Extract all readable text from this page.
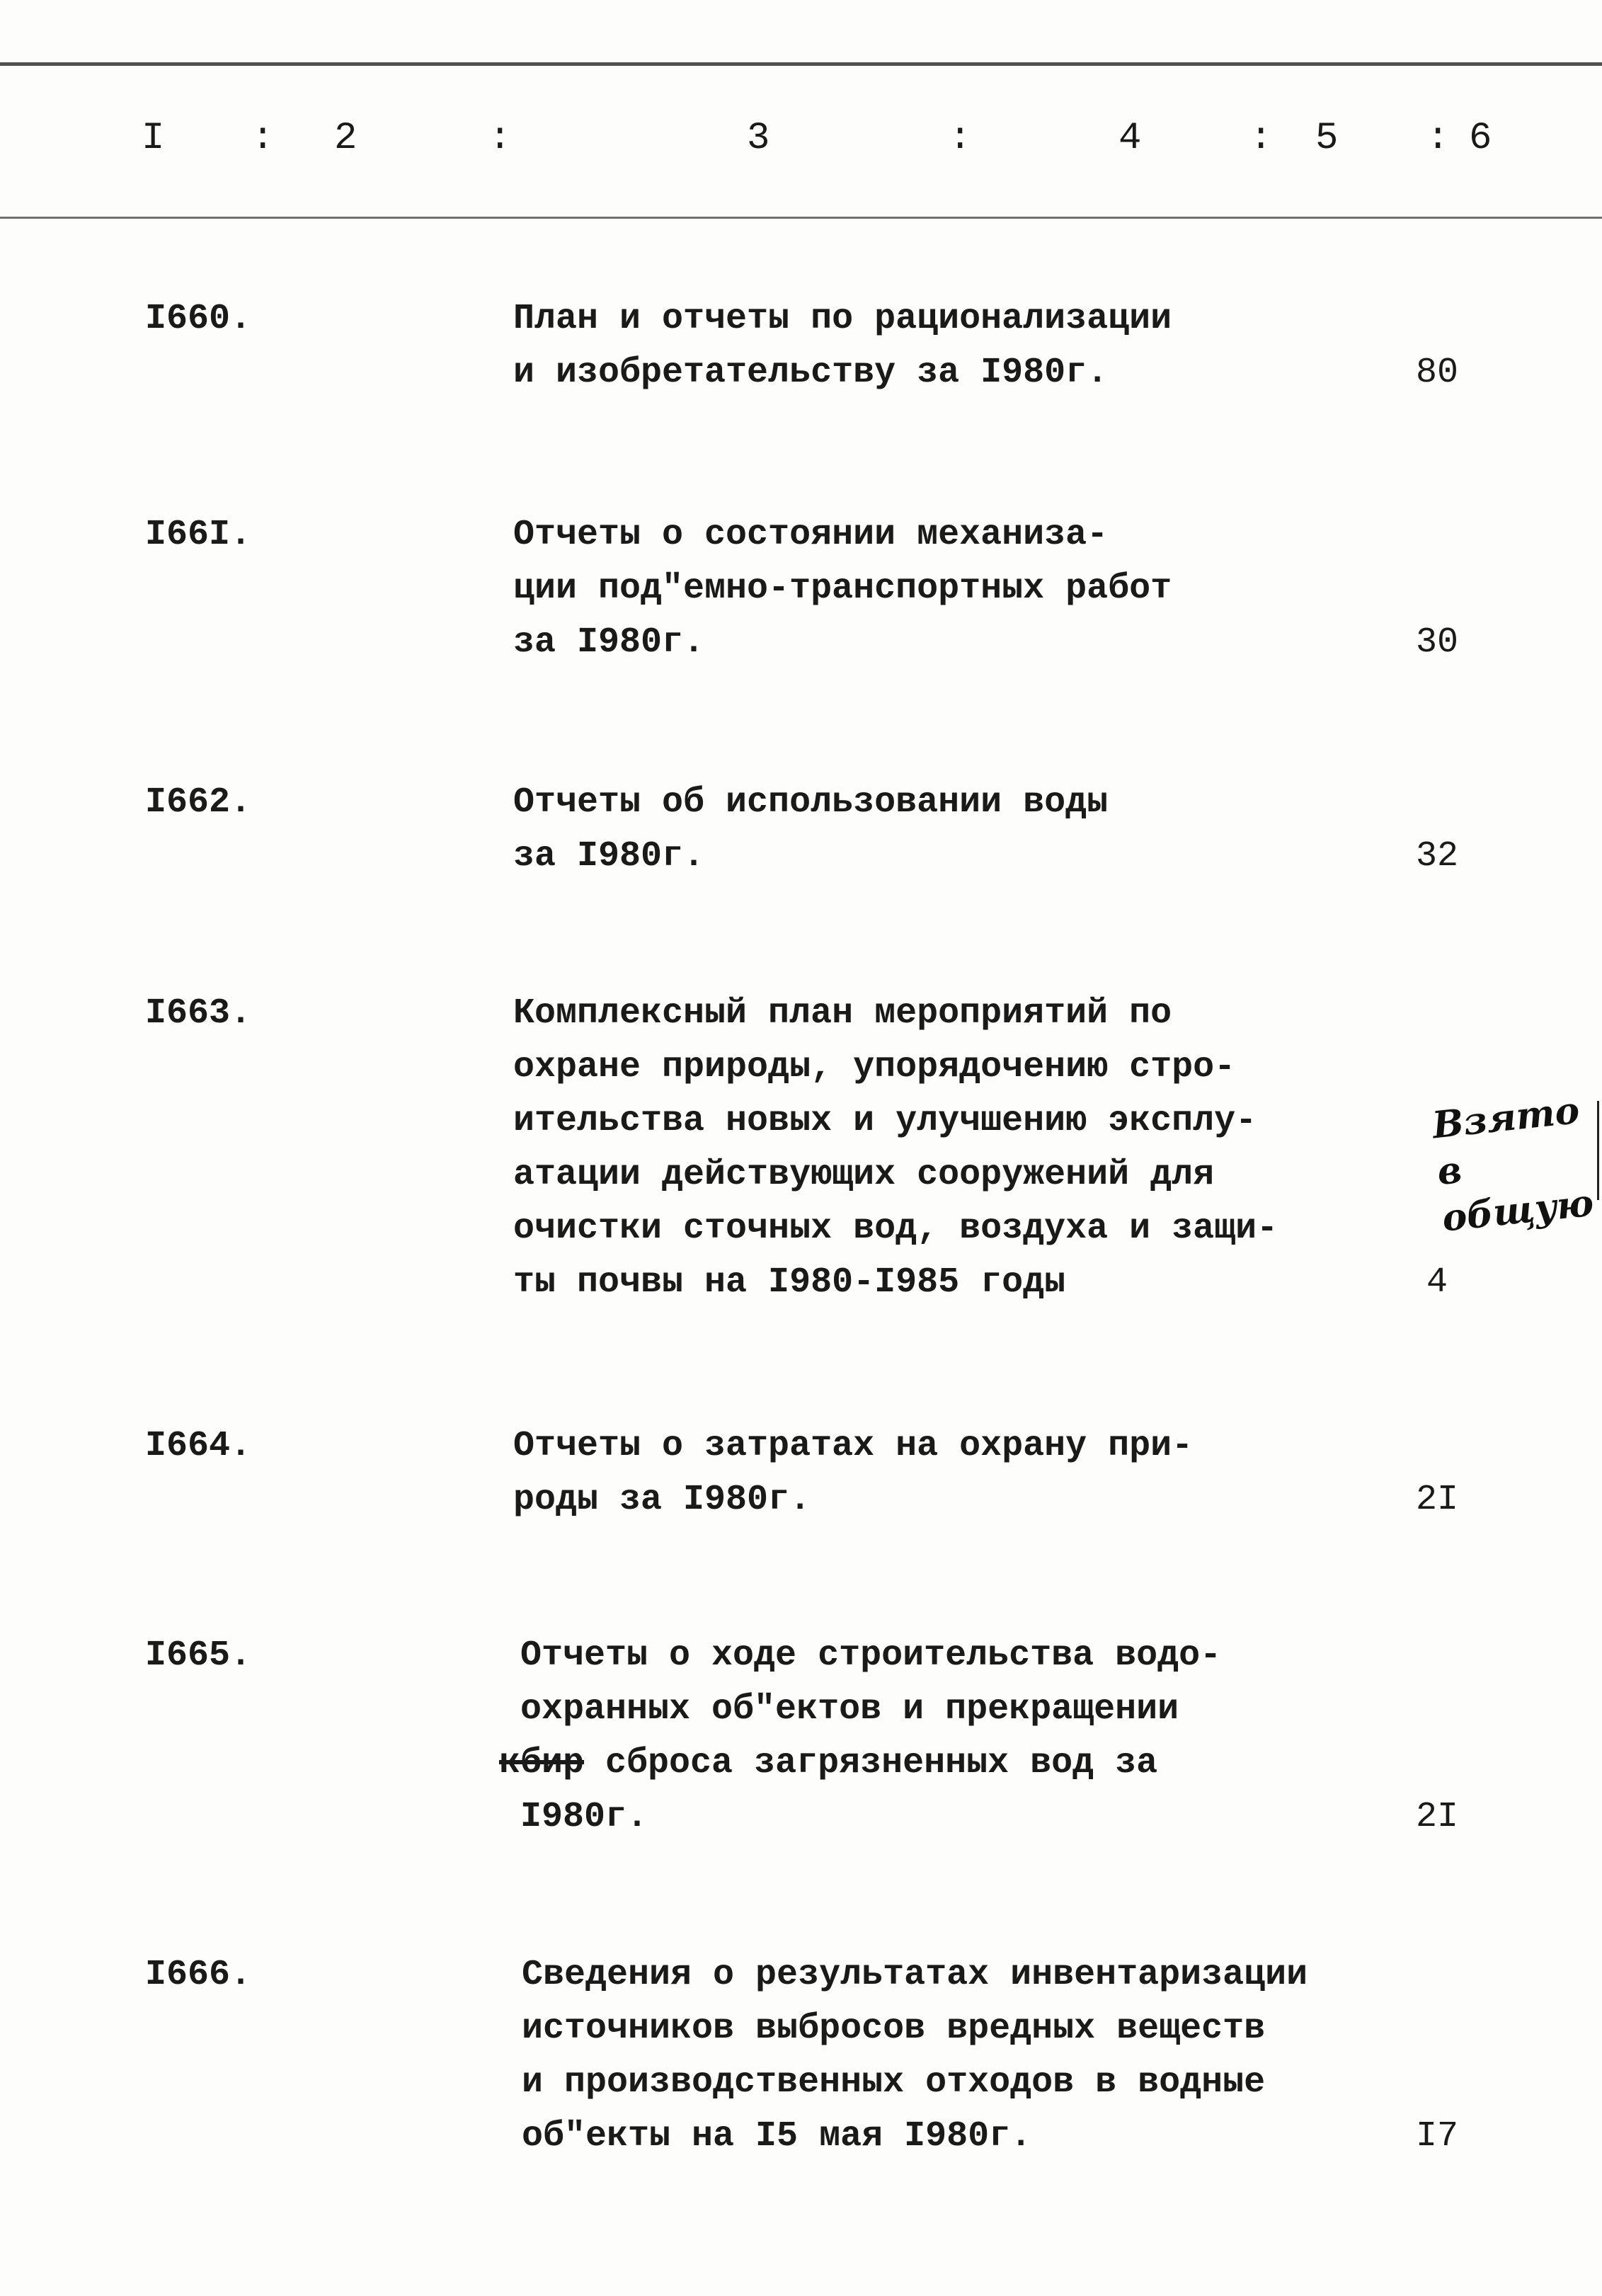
I : 2	:	3	:	4	: 5 : 6
I660.	План и отчеты по рационализации
и изобретательству за I980г.	80
I66I.	Отчеты о состоянии механиза-
ции под"емно-транспортных работ
за I980г.	30
I662.	Отчеты об использовании воды
за I980г.	32
I663.	Комплексный план мероприятий по
охране природы, упорядочению стро-
ительства новых и улучшению эксплу-
атации действующих сооружений для
очистки сточных вод, воздуха и защи-
ты почвы на I980-I985 годы	4
I664.	Отчеты о затратах на охрану при-
роды за I980г.	2I
I665.	Отчеты о ходе строительства водо-
охранных об"ектов и прекращении
кбир сброса загрязненных вод за
I980г.	2I
I666.	Сведения о результатах инвентаризации
источников выбросов вредных веществ
и производственных отходов в водные
об"екты на I5 мая I980г.	I7
Взято
в общую
